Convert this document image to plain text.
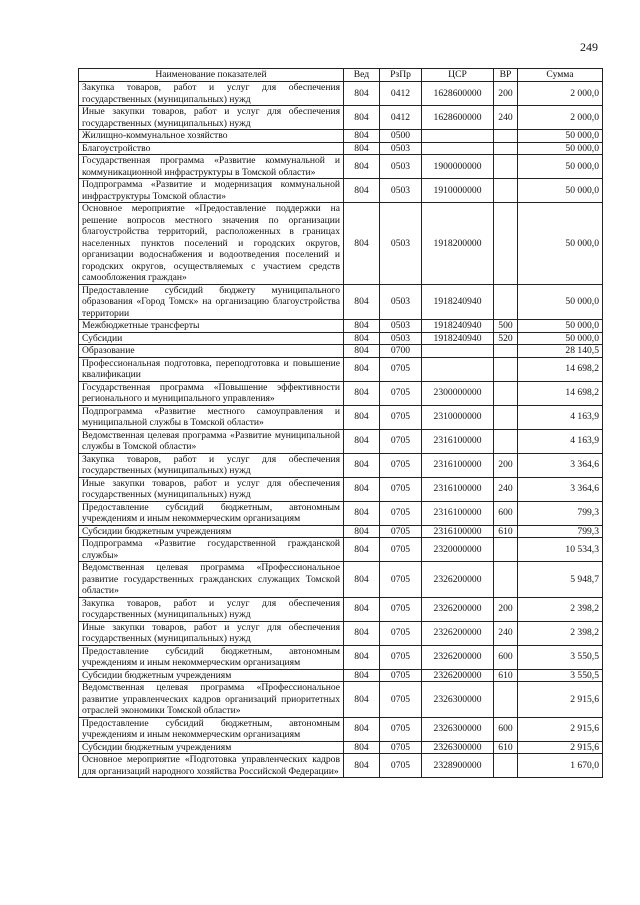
249
Наименование показателей	Вед	РзПр	ЦСР	ВР	Сумма
Закупка товаров, работ и услуг для обеспечения государственных (муниципальных) нужд	804	0412	1628600000	200	2 000,0
Иные закупки товаров, работ и услуг для обеспечения государственных (муниципальных) нужд	804	0412	1628600000	240	2 000,0
Жилищно-коммунальное хозяйство	804	0500			50 000,0
Благоустройство	804	0503			50 000,0
Государственная программа «Развитие коммунальной и коммуникационной инфраструктуры в Томской области»	804	0503	1900000000		50 000,0
Подпрограмма «Развитие и модернизация коммунальной инфраструктуры Томской области»	804	0503	1910000000		50 000,0
Основное мероприятие «Предоставление поддержки на решение вопросов местного значения по организации благоустройства территорий, расположенных в границах населенных пунктов поселений и городских округов, организации водоснабжения и водоотведения поселений и городских округов, осуществляемых с участием средств самообложения граждан»	804	0503	1918200000		50 000,0
Предоставление субсидий бюджету муниципального образования «Город Томск» на организацию благоустройства территории	804	0503	1918240940		50 000,0
Межбюджетные трансферты	804	0503	1918240940	500	50 000,0
Субсидии	804	0503	1918240940	520	50 000,0
Образование	804	0700			28 140,5
Профессиональная подготовка, переподготовка и повышение квалификации	804	0705			14 698,2
Государственная программа «Повышение эффективности регионального и муниципального управления»	804	0705	2300000000		14 698,2
Подпрограмма «Развитие местного самоуправления и муниципальной службы в Томской области»	804	0705	2310000000		4 163,9
Ведомственная целевая программа «Развитие муниципальной службы в Томской области»	804	0705	2316100000		4 163,9
Закупка товаров, работ и услуг для обеспечения государственных (муниципальных) нужд	804	0705	2316100000	200	3 364,6
Иные закупки товаров, работ и услуг для обеспечения государственных (муниципальных) нужд	804	0705	2316100000	240	3 364,6
Предоставление субсидий бюджетным, автономным учреждениям и иным некоммерческим организациям	804	0705	2316100000	600	799,3
Субсидии бюджетным учреждениям	804	0705	2316100000	610	799,3
Подпрограмма «Развитие государственной гражданской службы»	804	0705	2320000000		10 534,3
Ведомственная целевая программа «Профессиональное развитие государственных гражданских служащих Томской области»	804	0705	2326200000		5 948,7
Закупка товаров, работ и услуг для обеспечения государственных (муниципальных) нужд	804	0705	2326200000	200	2 398,2
Иные закупки товаров, работ и услуг для обеспечения государственных (муниципальных) нужд	804	0705	2326200000	240	2 398,2
Предоставление субсидий бюджетным, автономным учреждениям и иным некоммерческим организациям	804	0705	2326200000	600	3 550,5
Субсидии бюджетным учреждениям	804	0705	2326200000	610	3 550,5
Ведомственная целевая программа «Профессиональное развитие управленческих кадров организаций приоритетных отраслей экономики Томской области»	804	0705	2326300000		2 915,6
Предоставление субсидий бюджетным, автономным учреждениям и иным некоммерческим организациям	804	0705	2326300000	600	2 915,6
Субсидии бюджетным учреждениям	804	0705	2326300000	610	2 915,6
Основное мероприятие «Подготовка управленческих кадров для организаций народного хозяйства Российской Федерации»	804	0705	2328900000		1 670,0
